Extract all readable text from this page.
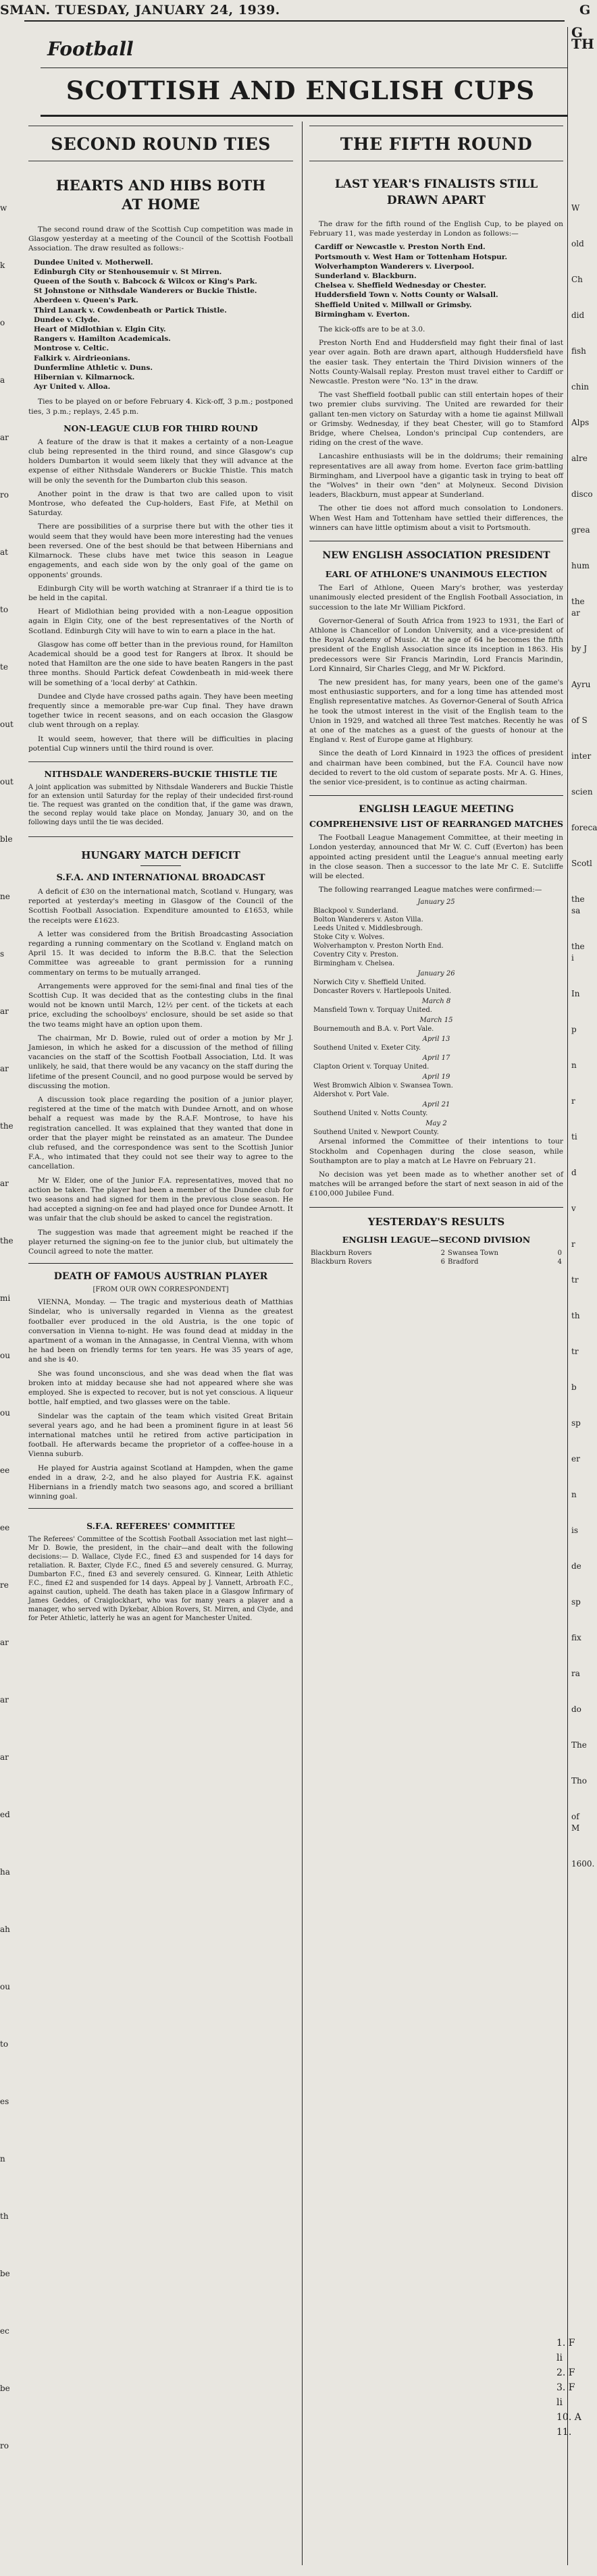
SMAN. TUESDAY, JANUARY 24, 1939.	G
Football
SCOTTISH AND ENGLISH CUPS
w
k
o
a
ar
ro
at
to
te
out
out
ble
ne
s
ar
ar
the
ar
the
mi
ou
ou
ee
ee
re
ar
ar
ar
ed
ha
ah
ou
to
es
n
th
be
ec
be
ro
G
TH
W
old
Ch
did
fish
chin
Alps
alre
disco
grea
hum
the ar
by J
Ayru
of S
inter
scien
foreca
Scotl
the sa
the i
In
p
n
r
ti
d
v
r
tr
th
tr
b
sp
er
n
is
de
sp
fix
ra
do
The
Tho
of M
1600.
1. F
li
2. F
3. F
li
10. A
11.
SECOND ROUND TIES
HEARTS AND HIBS BOTH AT HOME

The second round draw of the Scottish Cup competition was made in Glasgow yesterday at a meeting of the Council of the Scottish Football Association. The draw resulted as follows:-

Dundee United v. Motherwell.
Edinburgh City or Stenhousemuir v. St Mirren.
Queen of the South v. Babcock & Wilcox or King's Park.
St Johnstone or Nithsdale Wanderers or Buckie Thistle.
Aberdeen v. Queen's Park.
Third Lanark v. Cowdenbeath or Partick Thistle.
Dundee v. Clyde.
Heart of Midlothian v. Elgin City.
Rangers v. Hamilton Academicals.
Montrose v. Celtic.
Falkirk v. Airdrieonians.
Dunfermline Athletic v. Duns.
Hibernian v. Kilmarnock.
Ayr United v. Alloa.

Ties to be played on or before February 4. Kick-off, 3 p.m.; postponed ties, 3 p.m.; replays, 2.45 p.m.

NON-LEAGUE CLUB FOR THIRD ROUND

A feature of the draw is that it makes a certainty of a non-League club being represented in the third round, and since Glasgow's cup holders Dumbarton it would seem likely that they will advance at the expense of either Nithsdale Wanderers or Buckie Thistle. This match will be only the seventh for the Dumbarton club this season.

Another point in the draw is that two are called upon to visit Montrose, who defeated the Cup-holders, East Fife, at Methil on Saturday.

There are possibilities of a surprise there but with the other ties it would seem that they would have been more interesting had the venues been reversed. One of the best should be that between Hibernians and Kilmarnock. These clubs have met twice this season in League engagements, and each side won by the only goal of the game on opponents' grounds.

Edinburgh City will be worth watching at Stranraer if a third tie is to be held in the capital.

Heart of Midlothian being provided with a non-League opposition again in Elgin City, one of the best representatives of the North of Scotland. Edinburgh City will have to win to earn a place in the hat.

Glasgow has come off better than in the previous round, for Hamilton Academical should be a good test for Rangers at Ibrox. It should be noted that Hamilton are the one side to have beaten Rangers in the past three months. Should Partick defeat Cowdenbeath in mid-week there will be something of a 'local derby' at Cathkin.

Dundee and Clyde have crossed paths again. They have been meeting frequently since a memorable pre-war Cup final. They have drawn together twice in recent seasons, and on each occasion the Glasgow club went through on a replay.

It would seem, however, that there will be difficulties in placing potential Cup winners until the third round is over.

NITHSDALE WANDERERS-BUCKIE THISTLE TIE

A joint application was submitted by Nithsdale Wanderers and Buckie Thistle for an extension until Saturday for the replay of their undecided first-round tie. The request was granted on the condition that, if the game was drawn, the second replay would take place on Monday, January 30, and on the following days until the tie was decided.

HUNGARY MATCH DEFICIT
S.F.A. AND INTERNATIONAL BROADCAST

A deficit of £30 on the international match, Scotland v. Hungary, was reported at yesterday's meeting in Glasgow of the Council of the Scottish Football Association. Expenditure amounted to £1653, while the receipts were £1623.

A letter was considered from the British Broadcasting Association regarding a running commentary on the Scotland v. England match on April 15. It was decided to inform the B.B.C. that the Selection Committee was agreeable to grant permission for a running commentary on terms to be mutually arranged.

Arrangements were approved for the semi-final and final ties of the Scottish Cup. It was decided that as the contesting clubs in the final would not be known until March, 12½ per cent. of the tickets at each price, excluding the schoolboys' enclosure, should be set aside so that the two teams might have an option upon them.

The chairman, Mr D. Bowie, ruled out of order a motion by Mr J. Jamieson, in which he asked for a discussion of the method of filling vacancies on the staff of the Scottish Football Association, Ltd. It was unlikely, he said, that there would be any vacancy on the staff during the lifetime of the present Council, and no good purpose would be served by discussing the motion.

A discussion took place regarding the position of a junior player, registered at the time of the match with Dundee Arnott, and on whose behalf a request was made by the R.A.F. Montrose, to have his registration cancelled. It was explained that they wanted that done in order that the player might be reinstated as an amateur. The Dundee club refused, and the correspondence was sent to the Scottish Junior F.A., who intimated that they could not see their way to agree to the cancellation.

Mr W. Elder, one of the Junior F.A. representatives, moved that no action be taken. The player had been a member of the Dundee club for two seasons and had signed for them in the previous close season. He had accepted a signing-on fee and had played once for Dundee Arnott. It was unfair that the club should be asked to cancel the registration.

The suggestion was made that agreement might be reached if the player returned the signing-on fee to the junior club, but ultimately the Council agreed to note the matter.

DEATH OF FAMOUS AUSTRIAN PLAYER
[FROM OUR OWN CORRESPONDENT]

VIENNA, Monday. — The tragic and mysterious death of Matthias Sindelar, who is universally regarded in Vienna as the greatest footballer ever produced in the old Austria, is the one topic of conversation in Vienna to-night. He was found dead at midday in the apartment of a woman in the Annagasse, in Central Vienna, with whom he had been on friendly terms for ten years. He was 35 years of age, and she is 40.

She was found unconscious, and she was dead when the flat was broken into at midday because she had not appeared where she was employed. She is expected to recover, but is not yet conscious. A liqueur bottle, half emptied, and two glasses were on the table.

Sindelar was the captain of the team which visited Great Britain several years ago, and he had been a prominent figure in at least 56 international matches until he retired from active participation in football. He afterwards became the proprietor of a coffee-house in a Vienna suburb.

He played for Austria against Scotland at Hampden, when the game ended in a draw, 2-2, and he also played for Austria F.K. against Hibernians in a friendly match two seasons ago, and scored a brilliant winning goal.

S.F.A. REFEREES' COMMITTEE

The Referees' Committee of the Scottish Football Association met last night—Mr D. Bowie, the president, in the chair—and dealt with the following decisions:— D. Wallace, Clyde F.C., fined £3 and suspended for 14 days for retaliation. R. Baxter, Clyde F.C., fined £5 and severely censured. G. Murray, Dumbarton F.C., fined £3 and severely censured. G. Kinnear, Leith Athletic F.C., fined £2 and suspended for 14 days. Appeal by J. Vannett, Arbroath F.C., against caution, upheld. The death has taken place in a Glasgow Infirmary of James Geddes, of Craiglockhart, who was for many years a player and a manager, who served with Dykebar, Albion Rovers, St. Mirren, and Clyde, and for Peter Athletic, latterly he was an agent for Manchester United.

THE FIFTH ROUND
LAST YEAR'S FINALISTS STILL DRAWN APART

The draw for the fifth round of the English Cup, to be played on February 11, was made yesterday in London as follows:—

Cardiff or Newcastle v. Preston North End.
Portsmouth v. West Ham or Tottenham Hotspur.
Wolverhampton Wanderers v. Liverpool.
Sunderland v. Blackburn.
Chelsea v. Sheffield Wednesday or Chester.
Huddersfield Town v. Notts County or Walsall.
Sheffield United v. Millwall or Grimsby.
Birmingham v. Everton.

The kick-offs are to be at 3.0.

Preston North End and Huddersfield may fight their final of last year over again. Both are drawn apart, although Huddersfield have the easier task. They entertain the Third Division winners of the Notts County-Walsall replay. Preston must travel either to Cardiff or Newcastle. Preston were "No. 13" in the draw.

The vast Sheffield football public can still entertain hopes of their two premier clubs surviving. The United are rewarded for their gallant ten-men victory on Saturday with a home tie against Millwall or Grimsby. Wednesday, if they beat Chester, will go to Stamford Bridge, where Chelsea, London's principal Cup contenders, are riding on the crest of the wave.

Lancashire enthusiasts will be in the doldrums; their remaining representatives are all away from home. Everton face grim-battling Birmingham, and Liverpool have a gigantic task in trying to beat off the "Wolves" in their own "den" at Molyneux. Second Division leaders, Blackburn, must appear at Sunderland.

The other tie does not afford much consolation to Londoners. When West Ham and Tottenham have settled their differences, the winners can have little optimism about a visit to Portsmouth.

NEW ENGLISH ASSOCIATION PRESIDENT
EARL OF ATHLONE'S UNANIMOUS ELECTION

The Earl of Athlone, Queen Mary's brother, was yesterday unanimously elected president of the English Football Association, in succession to the late Mr William Pickford.

Governor-General of South Africa from 1923 to 1931, the Earl of Athlone is Chancellor of London University, and a vice-president of the Royal Academy of Music. At the age of 64 he becomes the fifth president of the English Association since its inception in 1863. His predecessors were Sir Francis Marindin, Lord Francis Marindin, Lord Kinnaird, Sir Charles Clegg, and Mr W. Pickford.

The new president has, for many years, been one of the game's most enthusiastic supporters, and for a long time has attended most English representative matches. As Governor-General of South Africa he took the utmost interest in the visit of the English team to the Union in 1929, and watched all three Test matches. Recently he was at one of the matches as a guest of the guests of honour at the England v. Rest of Europe game at Highbury.

Since the death of Lord Kinnaird in 1923 the offices of president and chairman have been combined, but the F.A. Council have now decided to revert to the old custom of separate posts. Mr A. G. Hines, the senior vice-president, is to continue as acting chairman.

ENGLISH LEAGUE MEETING
COMPREHENSIVE LIST OF REARRANGED MATCHES

The Football League Management Committee, at their meeting in London yesterday, announced that Mr W. C. Cuff (Everton) has been appointed acting president until the League's annual meeting early in the close season. Then a successor to the late Mr C. E. Sutcliffe will be elected.

The following rearranged League matches were confirmed:—

January 25
Blackpool v. Sunderland.
Bolton Wanderers v. Aston Villa.
Leeds United v. Middlesbrough.
Stoke City v. Wolves.
Wolverhampton v. Preston North End.
Coventry City v. Preston.
Birmingham v. Chelsea.
January 26
Norwich City v. Sheffield United.
Doncaster Rovers v. Hartlepools United.
March 8
Mansfield Town v. Torquay United.
March 15
Bournemouth and B.A. v. Port Vale.
April 13
Southend United v. Exeter City.
April 17
Clapton Orient v. Torquay United.
April 19
West Bromwich Albion v. Swansea Town.
Aldershot v. Port Vale.
April 21
Southend United v. Notts County.
May 2
Southend United v. Newport County.

Arsenal informed the Committee of their intentions to tour Stockholm and Copenhagen during the close season, while Southampton are to play a match at Le Havre on February 21.

No decision was yet been made as to whether another set of matches will be arranged before the start of next season in aid of the £100,000 Jubilee Fund.

YESTERDAY'S RESULTS
ENGLISH LEAGUE—SECOND DIVISION
Blackburn Rovers	2	Swansea Town	0
Blackburn Rovers	6	Bradford	4
